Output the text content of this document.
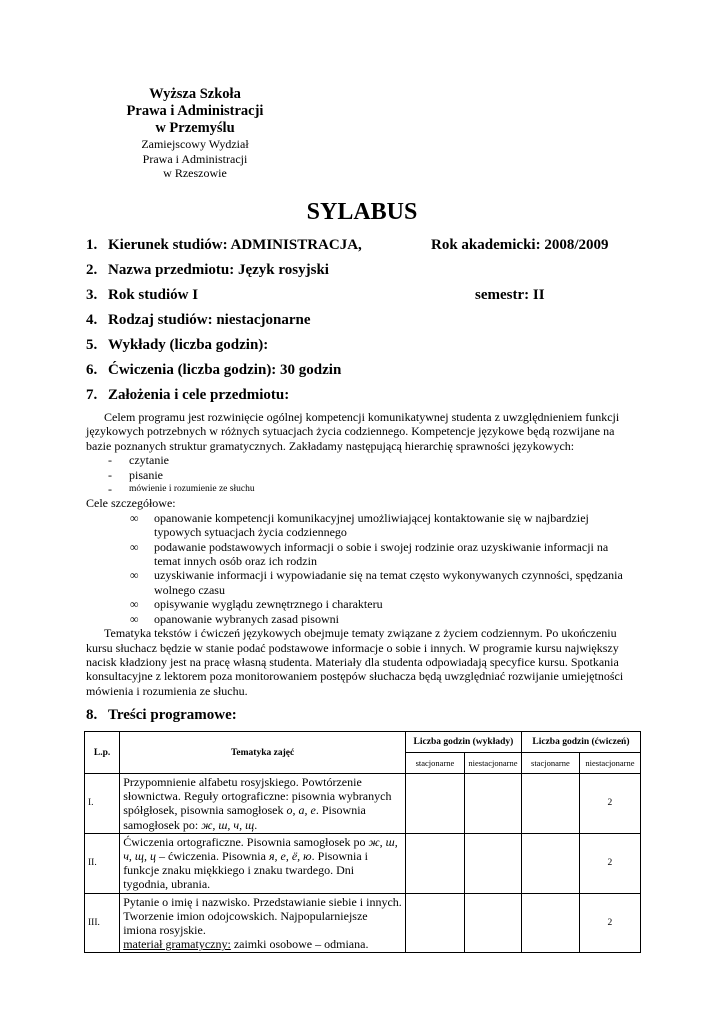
Wyższa Szkoła
Prawa i Administracji
w Przemyślu
Zamiejscowy Wydział
Prawa i Administracji
w Rzeszowie
SYLABUS
1. Kierunek studiów: ADMINISTRACJA,	Rok akademicki: 2008/2009
2. Nazwa przedmiotu: Język rosyjski
3. Rok studiów I	semestr: II
4. Rodzaj studiów: niestacjonarne
5. Wykłady (liczba godzin):
6. Ćwiczenia (liczba godzin): 30 godzin
7. Założenia i cele przedmiotu:
Celem programu jest rozwinięcie ogólnej kompetencji komunikatywnej studenta z uwzględnieniem funkcji językowych potrzebnych w różnych sytuacjach życia codziennego. Kompetencje językowe będą rozwijane na bazie poznanych struktur gramatycznych. Zakładamy następującą hierarchię sprawności językowych:
- czytanie
- pisanie
- mówienie i rozumienie ze słuchu
Cele szczegółowe:
∞ opanowanie kompetencji komunikacyjnej umożliwiającej kontaktowanie się w najbardziej
typowych sytuacjach życia codziennego
∞ podawanie podstawowych informacji o sobie i swojej rodzinie oraz uzyskiwanie informacji na
temat innych osób oraz ich rodzin
∞ uzyskiwanie informacji i wypowiadanie się na temat często wykonywanych czynności, spędzania
wolnego czasu
∞ opisywanie wyglądu zewnętrznego i charakteru
∞ opanowanie wybranych zasad pisowni
Tematyka tekstów i ćwiczeń językowych obejmuje tematy związane z życiem codziennym. Po ukończeniu kursu słuchacz będzie w stanie podać podstawowe informacje o sobie i innych. W programie kursu największy nacisk kładziony jest na pracę własną studenta. Materiały dla studenta odpowiadają specyfice kursu. Spotkania konsultacyjne z lektorem poza monitorowaniem postępów słuchacza będą uwzględniać rozwijanie umiejętności mówienia i rozumienia ze słuchu.
8. Treści programowe:
L.p.	Tematyka zajęć	Liczba godzin (wykłady)		Liczba godzin (ćwiczeń)	
		stacjonarne	niestacjonarne	stacjonarne	niestacjonarne
I.	Przypomnienie alfabetu rosyjskiego. Powtórzenie słownictwa. Reguły ortograficzne: pisownia wybranych spółgłosek, pisownia samogłosek o, a, e. Pisownia samogłosek po: ж, ш, ч, щ.				2
II.	Ćwiczenia ortograficzne. Pisownia samogłosek po ж, ш, ч, щ, ц – ćwiczenia. Pisownia я, е, ё, ю. Pisownia i funkcje znaku miękkiego i znaku twardego. Dni tygodnia, ubrania.				2
III.	Pytanie o imię i nazwisko. Przedstawianie siebie i innych. Tworzenie imion odojcowskich. Najpopularniejsze imiona rosyjskie.
materiał gramatyczny: zaimki osobowe – odmiana.				2
